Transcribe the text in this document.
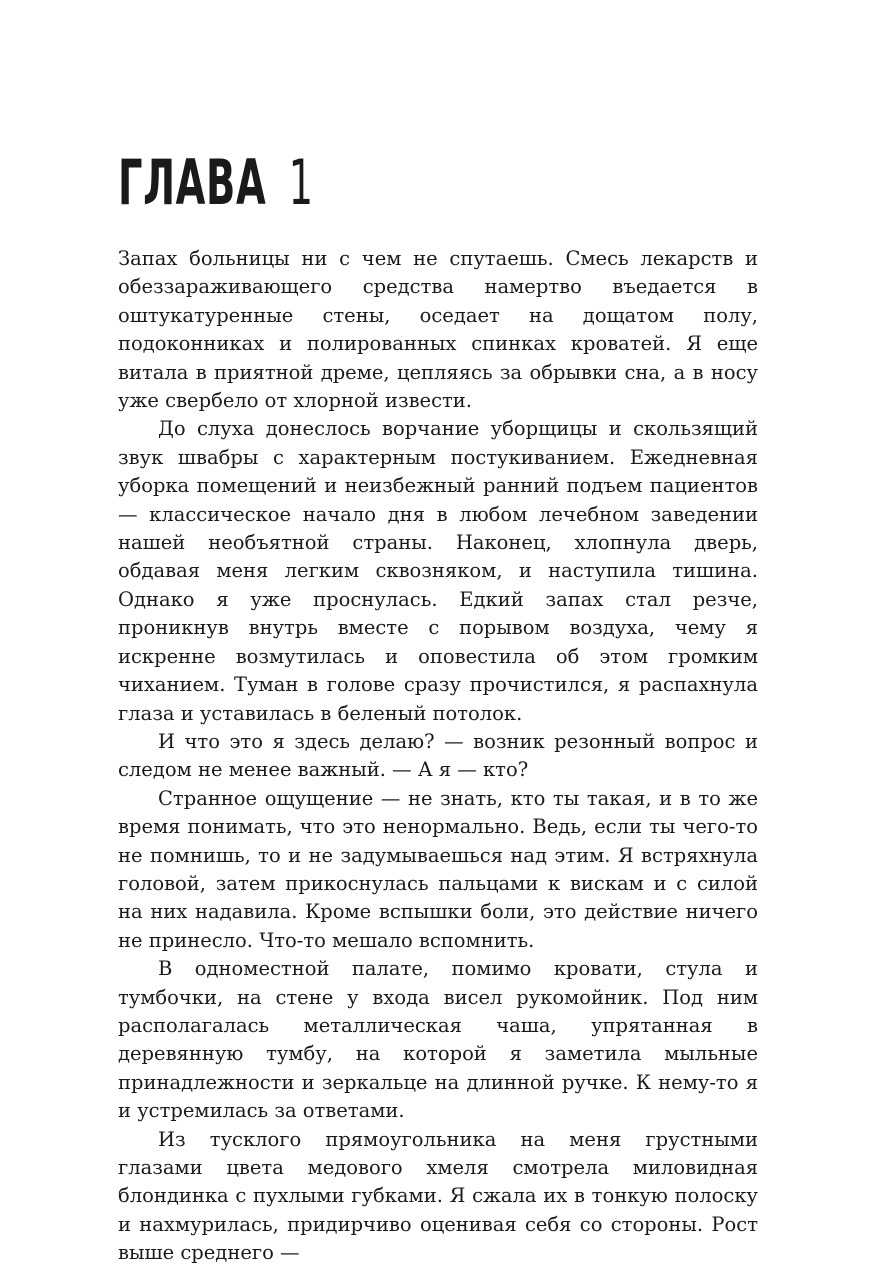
ГЛАВА 1

Запах больницы ни с чем не спутаешь. Смесь лекарств и обеззараживающего средства намертво въедается в оштукатуренные стены, оседает на дощатом полу, подоконниках и полированных спинках кроватей. Я еще витала в приятной дреме, цепляясь за обрывки сна, а в носу уже свербело от хлорной извести.

До слуха донеслось ворчание уборщицы и скользящий звук швабры с характерным постукиванием. Ежедневная уборка помещений и неизбежный ранний подъем пациентов — классическое начало дня в любом лечебном заведении нашей необъятной страны. Наконец, хлопнула дверь, обдавая меня легким сквозняком, и наступила тишина. Однако я уже проснулась. Едкий запах стал резче, проникнув внутрь вместе с порывом воздуха, чему я искренне возмутилась и оповестила об этом громким чиханием. Туман в голове сразу прочистился, я распахнула глаза и уставилась в беленый потолок.

И что это я здесь делаю? — возник резонный вопрос и следом не менее важный. — А я — кто?

Странное ощущение — не знать, кто ты такая, и в то же время понимать, что это ненормально. Ведь, если ты чего-то не помнишь, то и не задумываешься над этим. Я встряхнула головой, затем прикоснулась пальцами к вискам и с силой на них надавила. Кроме вспышки боли, это действие ничего не принесло. Что-то мешало вспомнить.

В одноместной палате, помимо кровати, стула и тумбочки, на стене у входа висел рукомойник. Под ним располагалась металлическая чаша, упрятанная в деревянную тумбу, на которой я заметила мыльные принадлежности и зеркальце на длинной ручке. К нему-то я и устремилась за ответами.

Из тусклого прямоугольника на меня грустными глазами цвета медового хмеля смотрела миловидная блондинка с пухлыми губками. Я сжала их в тонкую полоску и нахмурилась, придирчиво оценивая себя со стороны. Рост выше среднего —
